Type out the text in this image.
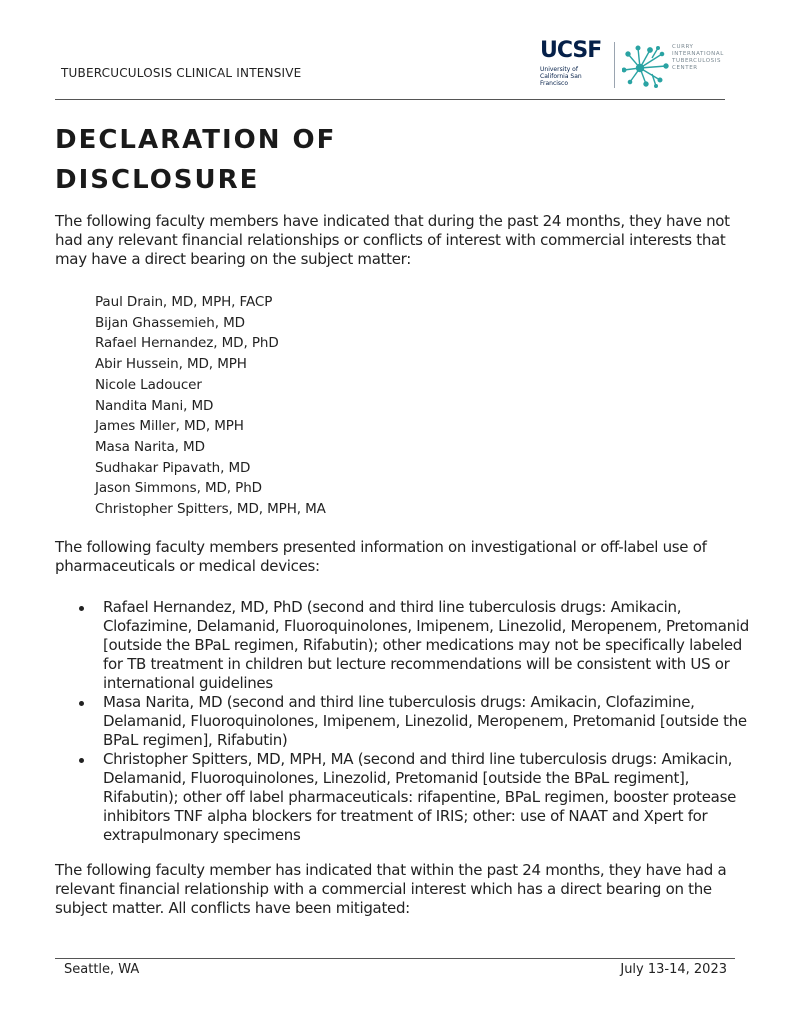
TUBERCUCULOSIS CLINICAL INTENSIVE
UCSF
University of California San Francisco
CURRY INTERNATIONAL TUBERCULOSIS CENTER
DECLARATION OF
DISCLOSURE

The following faculty members have indicated that during the past 24 months, they have not had any relevant financial relationships or conflicts of interest with commercial interests that may have a direct bearing on the subject matter:

Paul Drain, MD, MPH, FACP
Bijan Ghassemieh, MD
Rafael Hernandez, MD, PhD
Abir Hussein, MD, MPH
Nicole Ladoucer
Nandita Mani, MD
James Miller, MD, MPH
Masa Narita, MD
Sudhakar Pipavath, MD
Jason Simmons, MD, PhD
Christopher Spitters, MD, MPH, MA

The following faculty members presented information on investigational or off-label use of pharmaceuticals or medical devices:

Rafael Hernandez, MD, PhD (second and third line tuberculosis drugs: Amikacin, Clofazimine, Delamanid, Fluoroquinolones, Imipenem, Linezolid, Meropenem, Pretomanid [outside the BPaL regimen, Rifabutin); other medications may not be specifically labeled for TB treatment in children but lecture recommendations will be consistent with US or international guidelines
Masa Narita, MD (second and third line tuberculosis drugs: Amikacin, Clofazimine, Delamanid, Fluoroquinolones, Imipenem, Linezolid, Meropenem, Pretomanid [outside the BPaL regimen], Rifabutin)
Christopher Spitters, MD, MPH, MA (second and third line tuberculosis drugs: Amikacin, Delamanid, Fluoroquinolones, Linezolid, Pretomanid [outside the BPaL regiment], Rifabutin); other off label pharmaceuticals: rifapentine, BPaL regimen, booster protease inhibitors TNF alpha blockers for treatment of IRIS; other: use of NAAT and Xpert for extrapulmonary specimens

The following faculty member has indicated that within the past 24 months, they have had a relevant financial relationship with a commercial interest which has a direct bearing on the subject matter. All conflicts have been mitigated:

Seattle, WA	July 13-14, 2023
